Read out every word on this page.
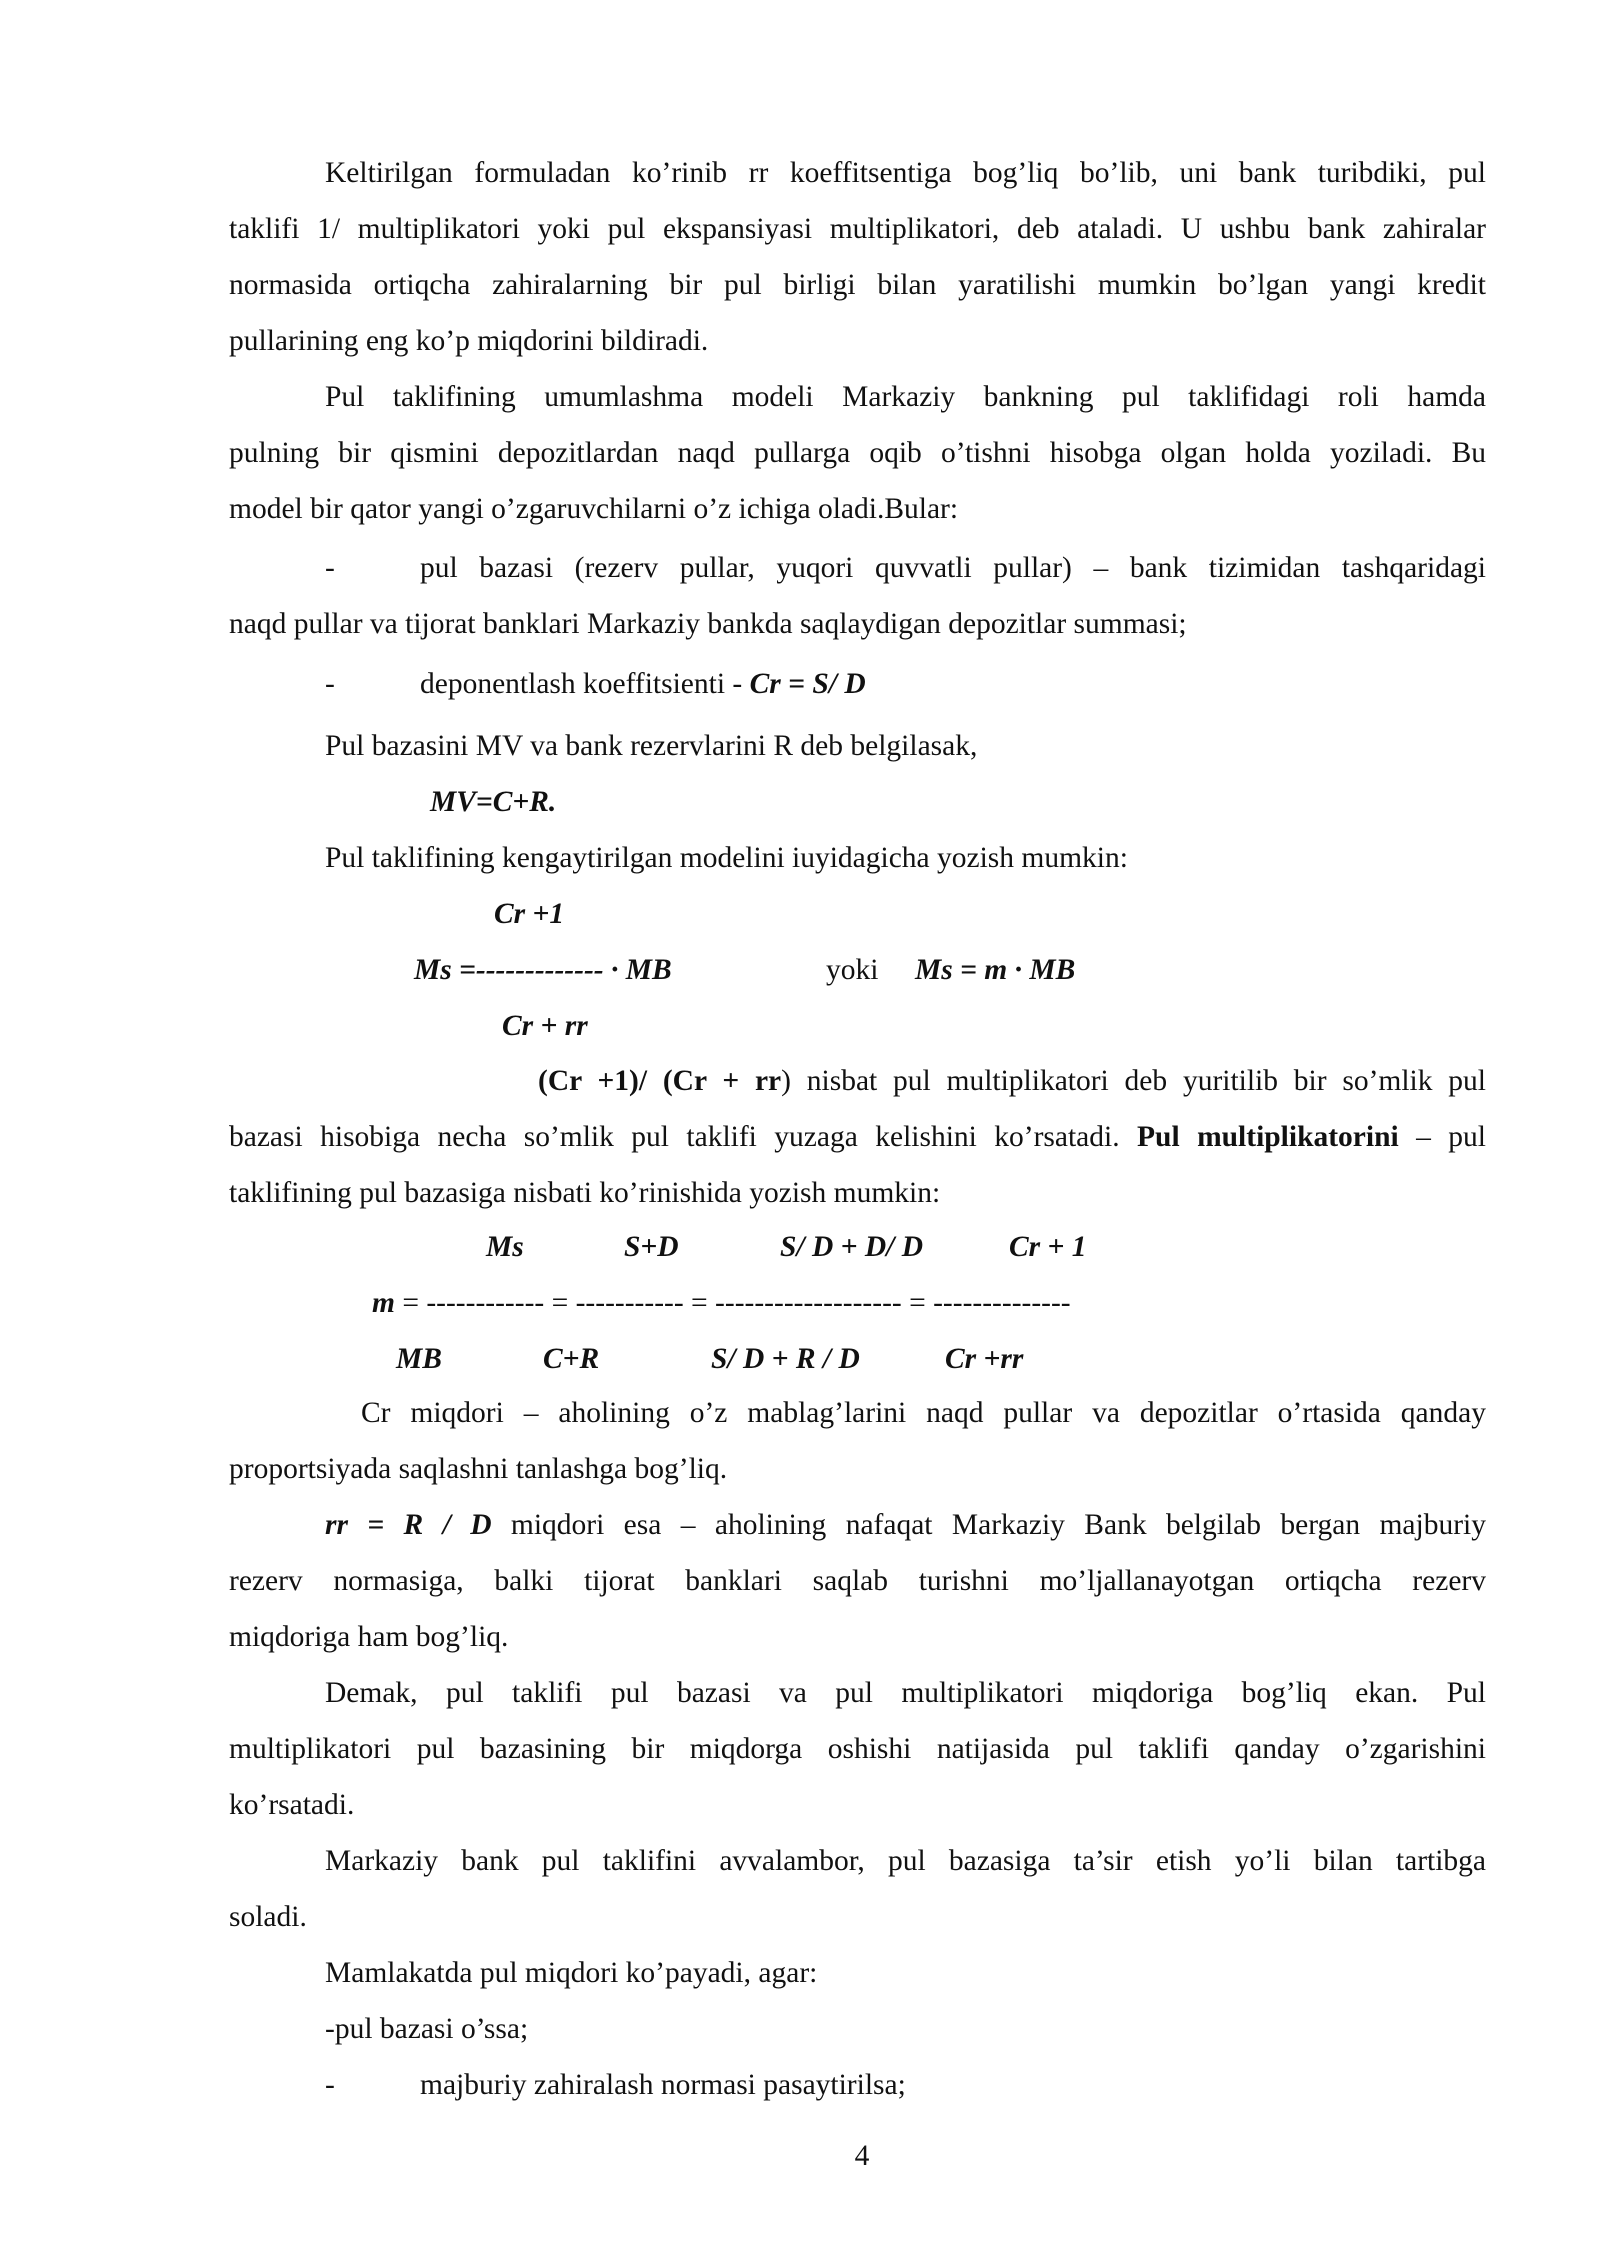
Keltirilgan formuladan ko’rinib rr koeffitsentiga bog’liq bo’lib, uni bank turibdiki, pul
taklifi 1/ multiplikatori yoki pul ekspansiyasi multiplikatori, deb ataladi. U ushbu bank zahiralar
normasida ortiqcha zahiralarning bir pul birligi bilan yaratilishi mumkin bo’lgan yangi kredit
pullarining eng ko’p miqdorini bildiradi.
Pul taklifining umumlashma modeli Markaziy bankning pul taklifidagi roli hamda
pulning bir qismini depozitlardan naqd pullarga oqib o’tishni hisobga olgan holda yoziladi. Bu
model bir qator yangi o’zgaruvchilarni o’z ichiga oladi.Bular:
-	pul bazasi (rezerv pullar, yuqori quvvatli pullar) – bank tizimidan tashqaridagi
naqd pullar va tijorat banklari Markaziy bankda saqlaydigan depozitlar summasi;
-	deponentlash koeffitsienti - Cr = S/ D
Pul bazasini MV va bank rezervlarini R deb belgilasak,
MV=C+R.
Pul taklifining kengaytirilgan modelini iuyidagicha yozish mumkin:
Cr +1
Ms =------------- · MB	yoki Ms = m · MB
Cr + rr
(Cr +1)/ (Cr + rr) nisbat pul multiplikatori deb yuritilib bir so’mlik pul
bazasi hisobiga necha so’mlik pul taklifi yuzaga kelishini ko’rsatadi. Pul multiplikatorini – pul
taklifining pul bazasiga nisbati ko’rinishida yozish mumkin:
Ms	S+D	S/ D + D/ D	Cr + 1
m = ------------ = ----------- = ------------------- = --------------
MB	C+R	S/ D + R / D	Cr +rr
Cr miqdori – aholining o’z mablag’larini naqd pullar va depozitlar o’rtasida qanday
proportsiyada saqlashni tanlashga bog’liq.
rr = R / D miqdori esa – aholining nafaqat Markaziy Bank belgilab bergan majburiy
rezerv normasiga, balki tijorat banklari saqlab turishni mo’ljallanayotgan ortiqcha rezerv
miqdoriga ham bog’liq.
Demak, pul taklifi pul bazasi va pul multiplikatori miqdoriga bog’liq ekan. Pul
multiplikatori pul bazasining bir miqdorga oshishi natijasida pul taklifi qanday o’zgarishini
ko’rsatadi.
Markaziy bank pul taklifini avvalambor, pul bazasiga ta’sir etish yo’li bilan tartibga
soladi.
Mamlakatda pul miqdori ko’payadi, agar:
-pul bazasi o’ssa;
-	majburiy zahiralash normasi pasaytirilsa;
4
